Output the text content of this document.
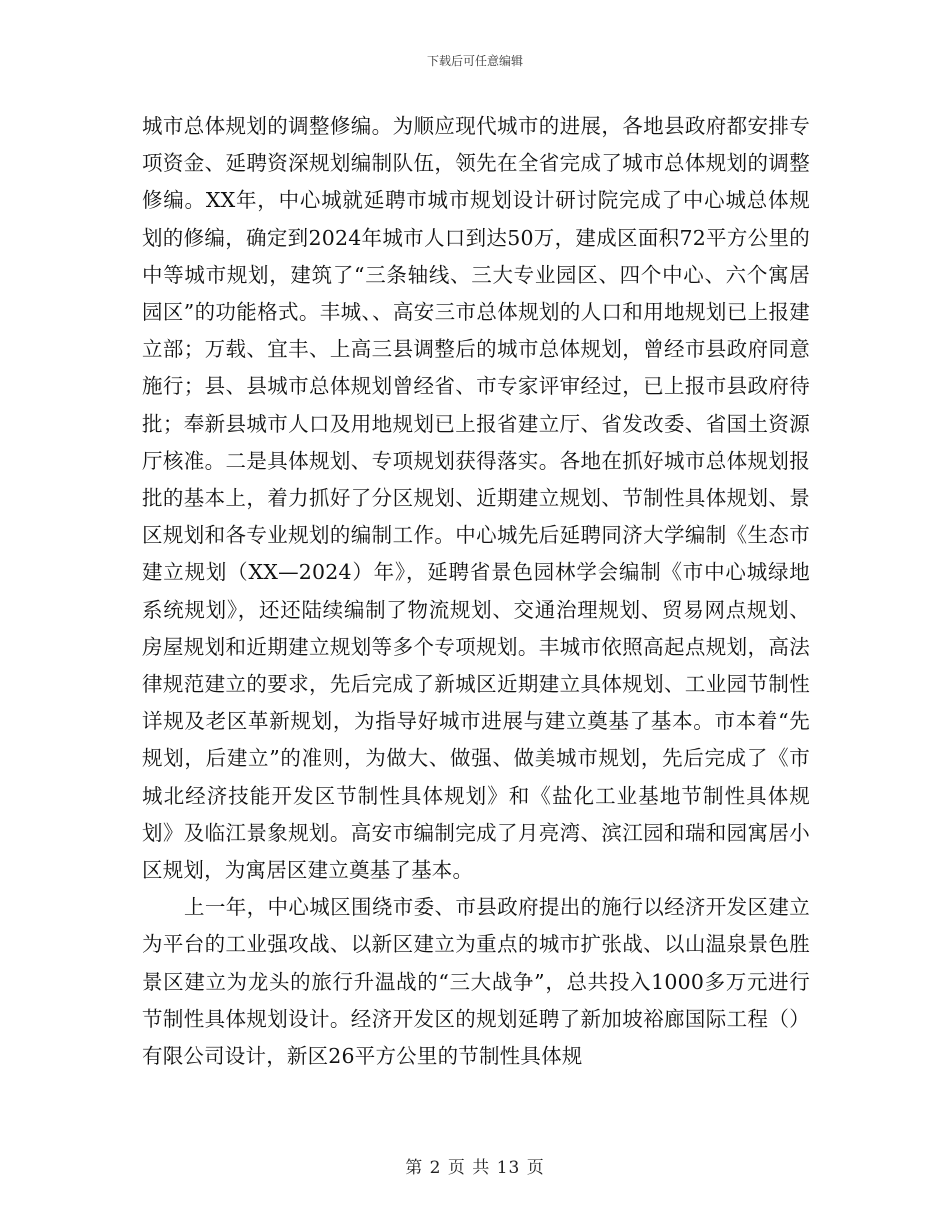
下载后可任意编辑

城市总体规划的调整修编。为顺应现代城市的进展，各地县政府都安排专项资金、延聘资深规划编制队伍，领先在全省完成了城市总体规划的调整修编。XX年，中心城就延聘市城市规划设计研讨院完成了中心城总体规划的修编，确定到2024年城市人口到达50万，建成区面积72平方公里的中等城市规划，建筑了“三条轴线、三大专业园区、四个中心、六个寓居园区”的功能格式。丰城、、高安三市总体规划的人口和用地规划已上报建立部；万载、宜丰、上高三县调整后的城市总体规划，曾经市县政府同意施行；县、县城市总体规划曾经省、市专家评审经过，已上报市县政府待批；奉新县城市人口及用地规划已上报省建立厅、省发改委、省国土资源厅核准。二是具体规划、专项规划获得落实。各地在抓好城市总体规划报批的基本上，着力抓好了分区规划、近期建立规划、节制性具体规划、景区规划和各专业规划的编制工作。中心城先后延聘同济大学编制《生态市建立规划（XX—2024）年》，延聘省景色园林学会编制《市中心城绿地系统规划》，还还陆续编制了物流规划、交通治理规划、贸易网点规划、房屋规划和近期建立规划等多个专项规划。丰城市依照高起点规划，高法律规范建立的要求，先后完成了新城区近期建立具体规划、工业园节制性详规及老区革新规划，为指导好城市进展与建立奠基了基本。市本着“先规划，后建立”的准则，为做大、做强、做美城市规划，先后完成了《市城北经济技能开发区节制性具体规划》和《盐化工业基地节制性具体规划》及临江景象规划。高安市编制完成了月亮湾、滨江园和瑞和园寓居小区规划，为寓居区建立奠基了基本。

上一年，中心城区围绕市委、市县政府提出的施行以经济开发区建立为平台的工业强攻战、以新区建立为重点的城市扩张战、以山温泉景色胜景区建立为龙头的旅行升温战的“三大战争”，总共投入1000多万元进行节制性具体规划设计。经济开发区的规划延聘了新加坡裕廊国际工程（）有限公司设计，新区26平方公里的节制性具体规

第 2 页 共 13 页
